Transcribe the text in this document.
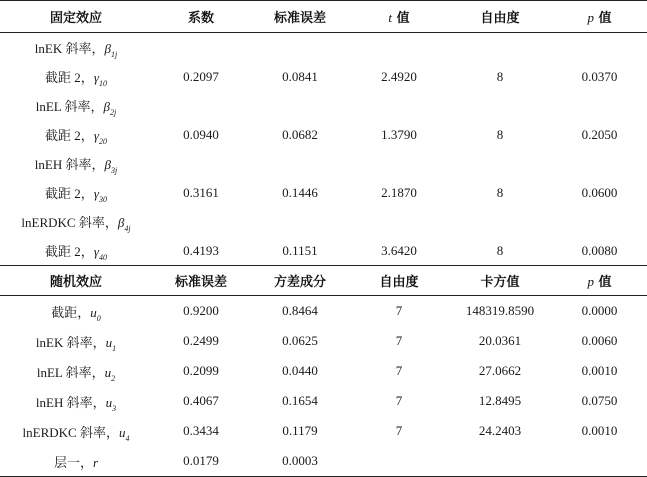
固定效应	系数	标准误差	t 值	自由度	p 值
lnEK 斜率，$\beta_{1j}$					
截距 2，$\gamma_{10}$	0.2097	0.0841	2.4920	8	0.0370
lnEL 斜率，$\beta_{2j}$					
截距 2，$\gamma_{20}$	0.0940	0.0682	1.3790	8	0.2050
lnEH 斜率，$\beta_{3j}$					
截距 2，$\gamma_{30}$	0.3161	0.1446	2.1870	8	0.0600
lnERDKC 斜率，$\beta_{4j}$					
截距 2，$\gamma_{40}$	0.4193	0.1151	3.6420	8	0.0080
随机效应	标准误差	方差成分	自由度	卡方值	p 值
截距，$u_0$	0.9200	0.8464	7	148319.8590	0.0000
lnEK 斜率，$u_1$	0.2499	0.0625	7	20.0361	0.0060
lnEL 斜率，$u_2$	0.2099	0.0440	7	27.0662	0.0010
lnEH 斜率，$u_3$	0.4067	0.1654	7	12.8495	0.0750
lnERDKC 斜率，$u_4$	0.3434	0.1179	7	24.2403	0.0010
层一，r	0.0179	0.0003			
